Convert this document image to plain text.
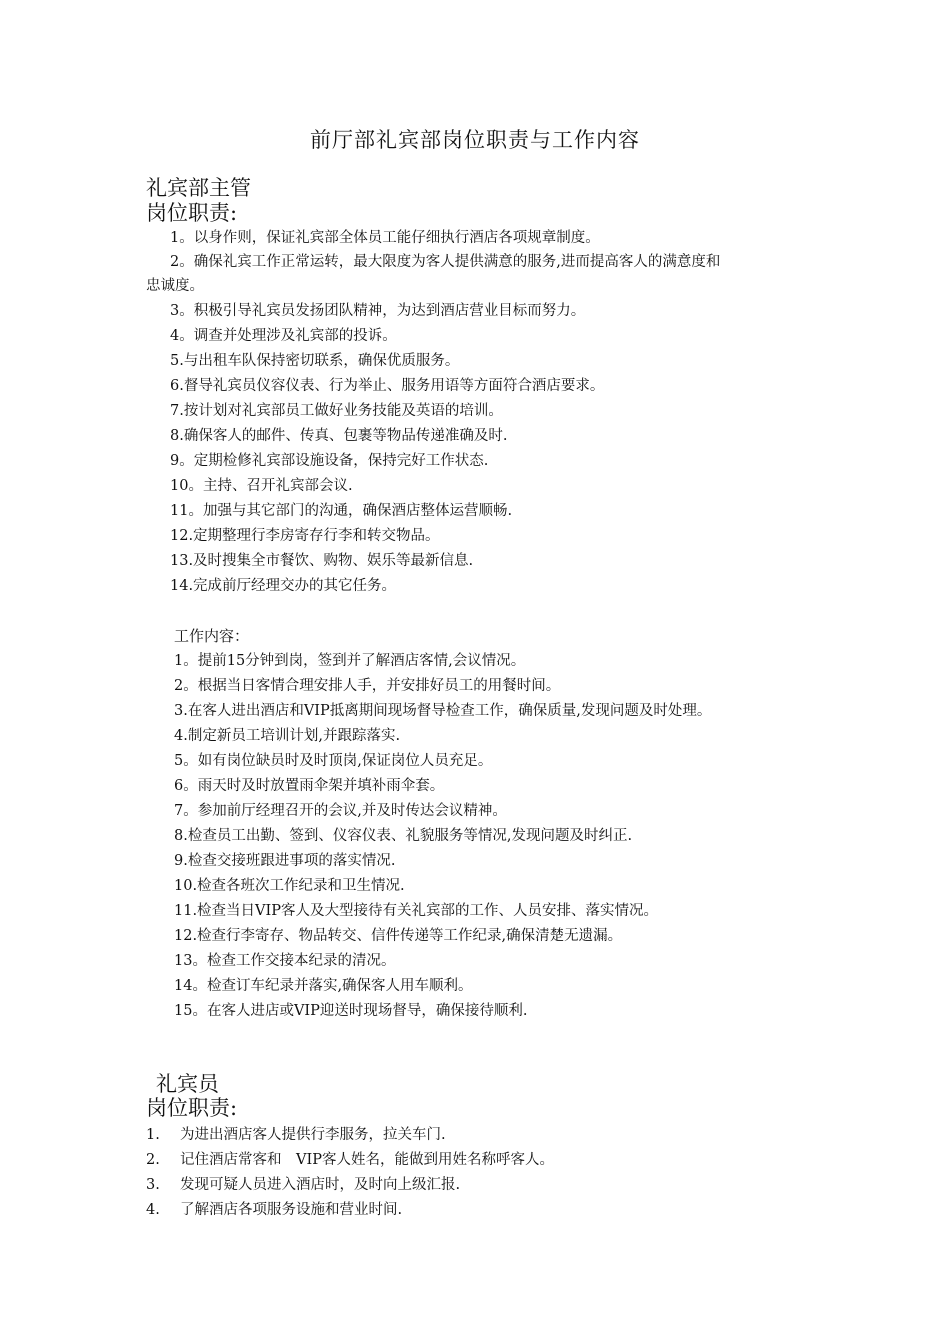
前厅部礼宾部岗位职责与工作内容
礼宾部主管
岗位职责:
1。以身作则，保证礼宾部全体员工能仔细执行酒店各项规章制度。
2。确保礼宾工作正常运转，最大限度为客人提供满意的服务,进而提高客人的满意度和
忠诚度。
3。积极引导礼宾员发扬团队精神，为达到酒店营业目标而努力。
4。调查并处理涉及礼宾部的投诉。
5.与出租车队保持密切联系，确保优质服务。
6.督导礼宾员仪容仪表、行为举止、服务用语等方面符合酒店要求。
7.按计划对礼宾部员工做好业务技能及英语的培训。
8.确保客人的邮件、传真、包裹等物品传递准确及时.
9。定期检修礼宾部设施设备，保持完好工作状态.
10。主持、召开礼宾部会议.
11。加强与其它部门的沟通，确保酒店整体运营顺畅.
12.定期整理行李房寄存行李和转交物品。
13.及时搜集全市餐饮、购物、娱乐等最新信息.
14.完成前厅经理交办的其它任务。
工作内容：
1。提前15分钟到岗，签到并了解酒店客情,会议情况。
2。根据当日客情合理安排人手，并安排好员工的用餐时间。
3.在客人进出酒店和VIP抵离期间现场督导检查工作，确保质量,发现问题及时处理。
4.制定新员工培训计划,并跟踪落实.
5。如有岗位缺员时及时顶岗,保证岗位人员充足。
6。雨天时及时放置雨伞架并填补雨伞套。
7。参加前厅经理召开的会议,并及时传达会议精神。
8.检查员工出勤、签到、仪容仪表、礼貌服务等情况,发现问题及时纠正.
9.检查交接班跟进事项的落实情况.
10.检查各班次工作纪录和卫生情况.
11.检查当日VIP客人及大型接待有关礼宾部的工作、人员安排、落实情况。
12.检查行李寄存、物品转交、信件传递等工作纪录,确保清楚无遗漏。
13。检查工作交接本纪录的清况。
14。检查订车纪录并落实,确保客人用车顺利。
15。在客人进店或VIP迎送时现场督导，确保接待顺利.
礼宾员
岗位职责:
1. 为进出酒店客人提供行李服务，拉关车门.
2. 记住酒店常客和　VIP客人姓名，能做到用姓名称呼客人。
3. 发现可疑人员进入酒店时，及时向上级汇报.
4. 了解酒店各项服务设施和营业时间.
